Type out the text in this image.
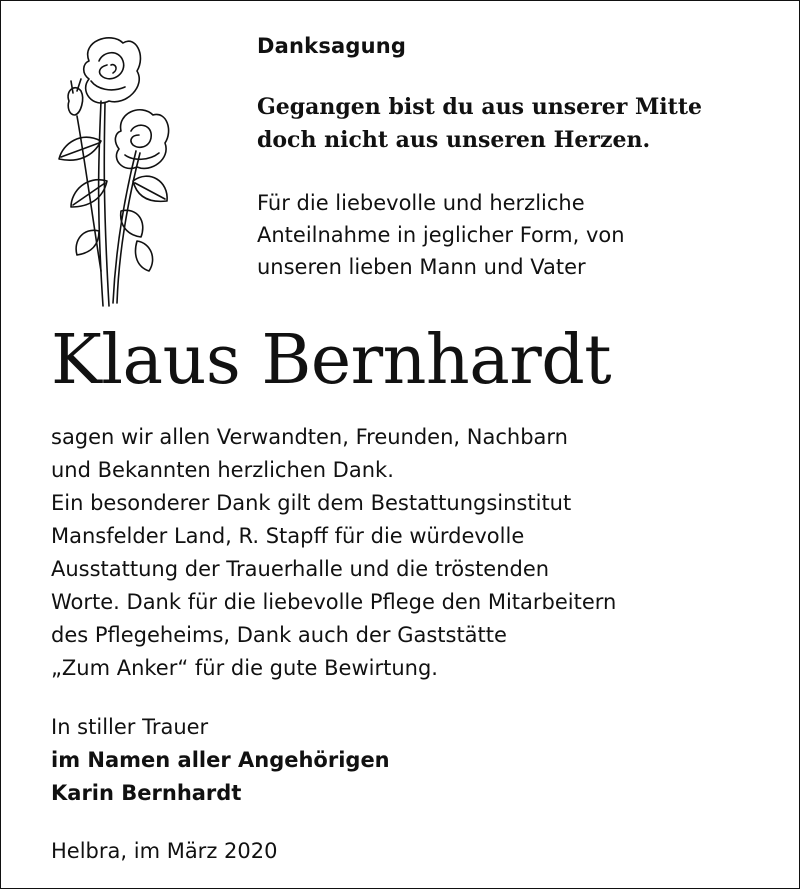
Danksagung
Gegangen bist du aus unserer Mitte
doch nicht aus unseren Herzen.
Für die liebevolle und herzliche
Anteilnahme in jeglicher Form, von
unseren lieben Mann und Vater
Klaus Bernhardt
sagen wir allen Verwandten, Freunden, Nachbarn
und Bekannten herzlichen Dank.
Ein besonderer Dank gilt dem Bestattungsinstitut
Mansfelder Land, R. Stapff für die würdevolle
Ausstattung der Trauerhalle und die tröstenden
Worte. Dank für die liebevolle Pflege den Mitarbeitern
des Pflegeheims, Dank auch der Gaststätte
„Zum Anker“ für die gute Bewirtung.
In stiller Trauer
im Namen aller Angehörigen
Karin Bernhardt
Helbra, im März 2020
